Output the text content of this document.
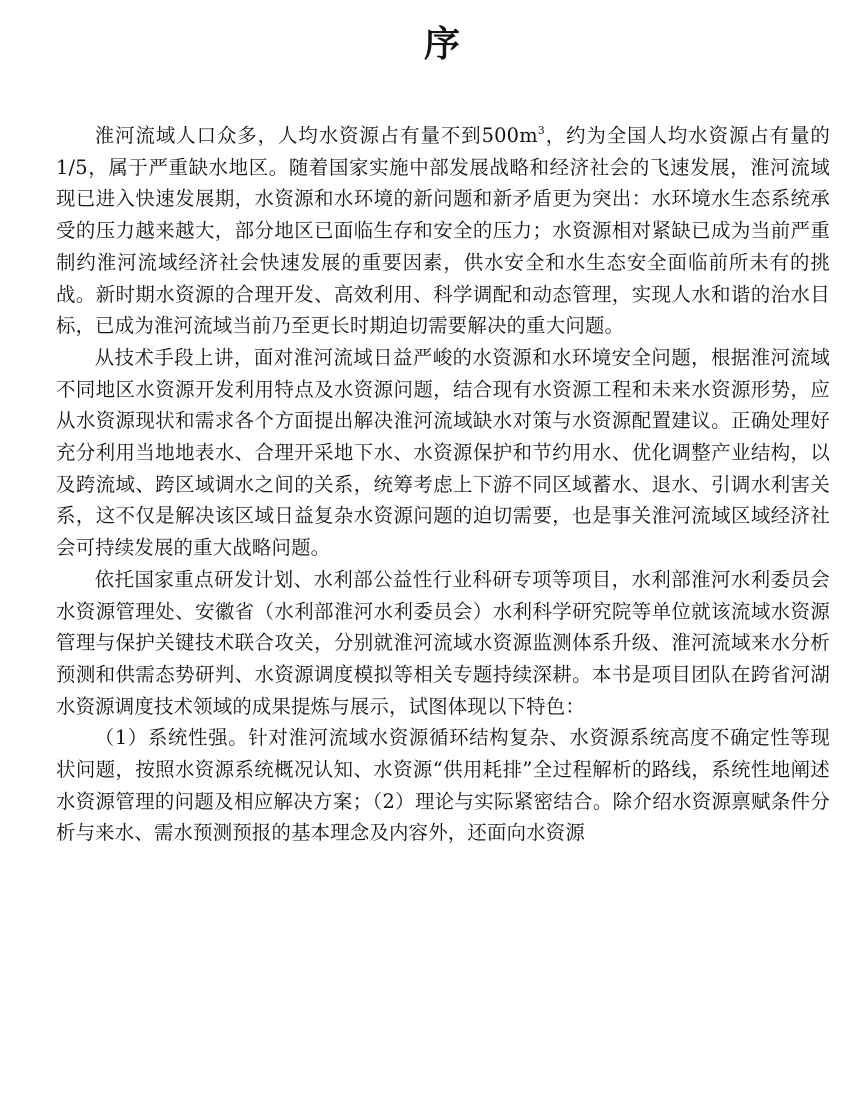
序

淮河流域人口众多，人均水资源占有量不到$500m^3$，约为全国人均水资源占有量的1/5，属于严重缺水地区。随着国家实施中部发展战略和经济社会的飞速发展，淮河流域现已进入快速发展期，水资源和水环境的新问题和新矛盾更为突出：水环境水生态系统承受的压力越来越大，部分地区已面临生存和安全的压力；水资源相对紧缺已成为当前严重制约淮河流域经济社会快速发展的重要因素，供水安全和水生态安全面临前所未有的挑战。新时期水资源的合理开发、高效利用、科学调配和动态管理，实现人水和谐的治水目标，已成为淮河流域当前乃至更长时期迫切需要解决的重大问题。

从技术手段上讲，面对淮河流域日益严峻的水资源和水环境安全问题，根据淮河流域不同地区水资源开发利用特点及水资源问题，结合现有水资源工程和未来水资源形势，应从水资源现状和需求各个方面提出解决淮河流域缺水对策与水资源配置建议。正确处理好充分利用当地地表水、合理开采地下水、水资源保护和节约用水、优化调整产业结构，以及跨流域、跨区域调水之间的关系，统筹考虑上下游不同区域蓄水、退水、引调水利害关系，这不仅是解决该区域日益复杂水资源问题的迫切需要，也是事关淮河流域区域经济社会可持续发展的重大战略问题。

依托国家重点研发计划、水利部公益性行业科研专项等项目，水利部淮河水利委员会水资源管理处、安徽省（水利部淮河水利委员会）水利科学研究院等单位就该流域水资源管理与保护关键技术联合攻关，分别就淮河流域水资源监测体系升级、淮河流域来水分析预测和供需态势研判、水资源调度模拟等相关专题持续深耕。本书是项目团队在跨省河湖水资源调度技术领域的成果提炼与展示，试图体现以下特色：

（1）系统性强。针对淮河流域水资源循环结构复杂、水资源系统高度不确定性等现状问题，按照水资源系统概况认知、水资源“供用耗排”全过程解析的路线，系统性地阐述水资源管理的问题及相应解决方案；（2）理论与实际紧密结合。除介绍水资源禀赋条件分析与来水、需水预测预报的基本理念及内容外，还面向水资源
